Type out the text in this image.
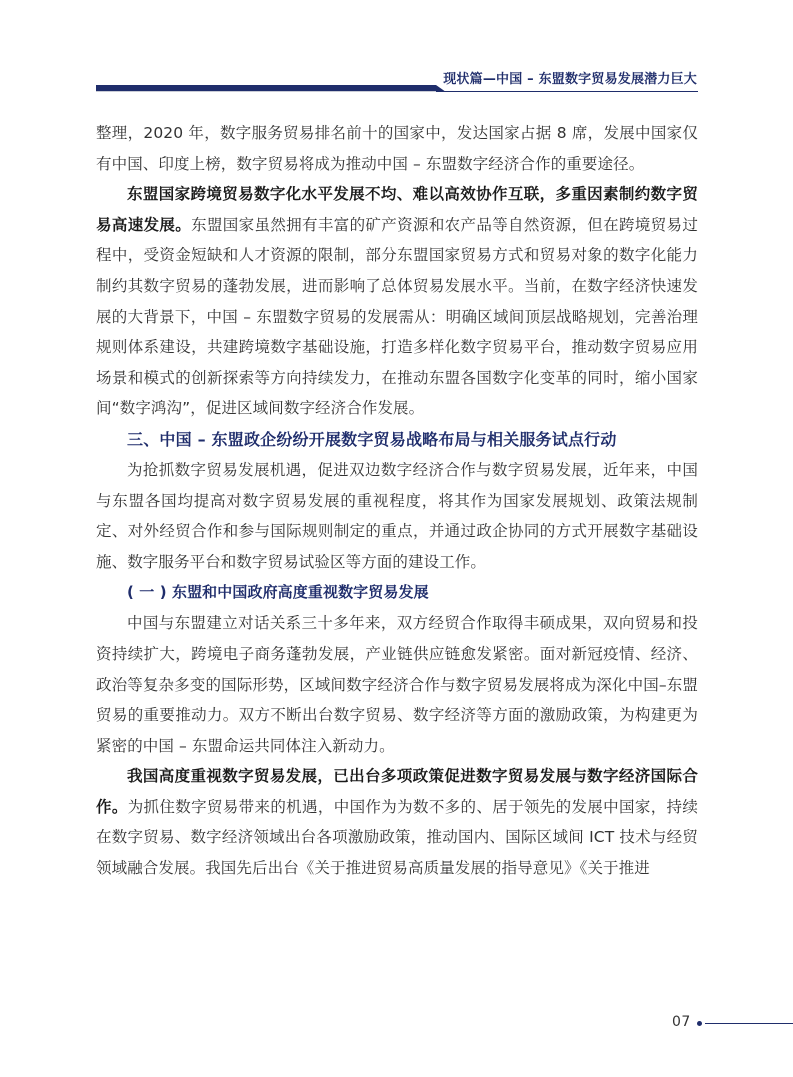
现状篇—中国 – 东盟数字贸易发展潜力巨大

整理，2020 年，数字服务贸易排名前十的国家中，发达国家占据 8 席，发展中国家仅有中国、印度上榜，数字贸易将成为推动中国 – 东盟数字经济合作的重要途径。

东盟国家跨境贸易数字化水平发展不均、难以高效协作互联，多重因素制约数字贸易高速发展。东盟国家虽然拥有丰富的矿产资源和农产品等自然资源，但在跨境贸易过程中，受资金短缺和人才资源的限制，部分东盟国家贸易方式和贸易对象的数字化能力制约其数字贸易的蓬勃发展，进而影响了总体贸易发展水平。当前，在数字经济快速发展的大背景下，中国 – 东盟数字贸易的发展需从：明确区域间顶层战略规划，完善治理规则体系建设，共建跨境数字基础设施，打造多样化数字贸易平台，推动数字贸易应用场景和模式的创新探索等方向持续发力，在推动东盟各国数字化变革的同时，缩小国家间“数字鸿沟”，促进区域间数字经济合作发展。

三、中国 – 东盟政企纷纷开展数字贸易战略布局与相关服务试点行动

为抢抓数字贸易发展机遇，促进双边数字经济合作与数字贸易发展，近年来，中国与东盟各国均提高对数字贸易发展的重视程度，将其作为国家发展规划、政策法规制定、对外经贸合作和参与国际规则制定的重点，并通过政企协同的方式开展数字基础设施、数字服务平台和数字贸易试验区等方面的建设工作。

( 一 ) 东盟和中国政府高度重视数字贸易发展

中国与东盟建立对话关系三十多年来，双方经贸合作取得丰硕成果，双向贸易和投资持续扩大，跨境电子商务蓬勃发展，产业链供应链愈发紧密。面对新冠疫情、经济、政治等复杂多变的国际形势，区域间数字经济合作与数字贸易发展将成为深化中国–东盟贸易的重要推动力。双方不断出台数字贸易、数字经济等方面的激励政策，为构建更为紧密的中国 – 东盟命运共同体注入新动力。

我国高度重视数字贸易发展，已出台多项政策促进数字贸易发展与数字经济国际合作。为抓住数字贸易带来的机遇，中国作为为数不多的、居于领先的发展中国家，持续在数字贸易、数字经济领域出台各项激励政策，推动国内、国际区域间 ICT 技术与经贸领域融合发展。我国先后出台《关于推进贸易高质量发展的指导意见》《关于推进

07
